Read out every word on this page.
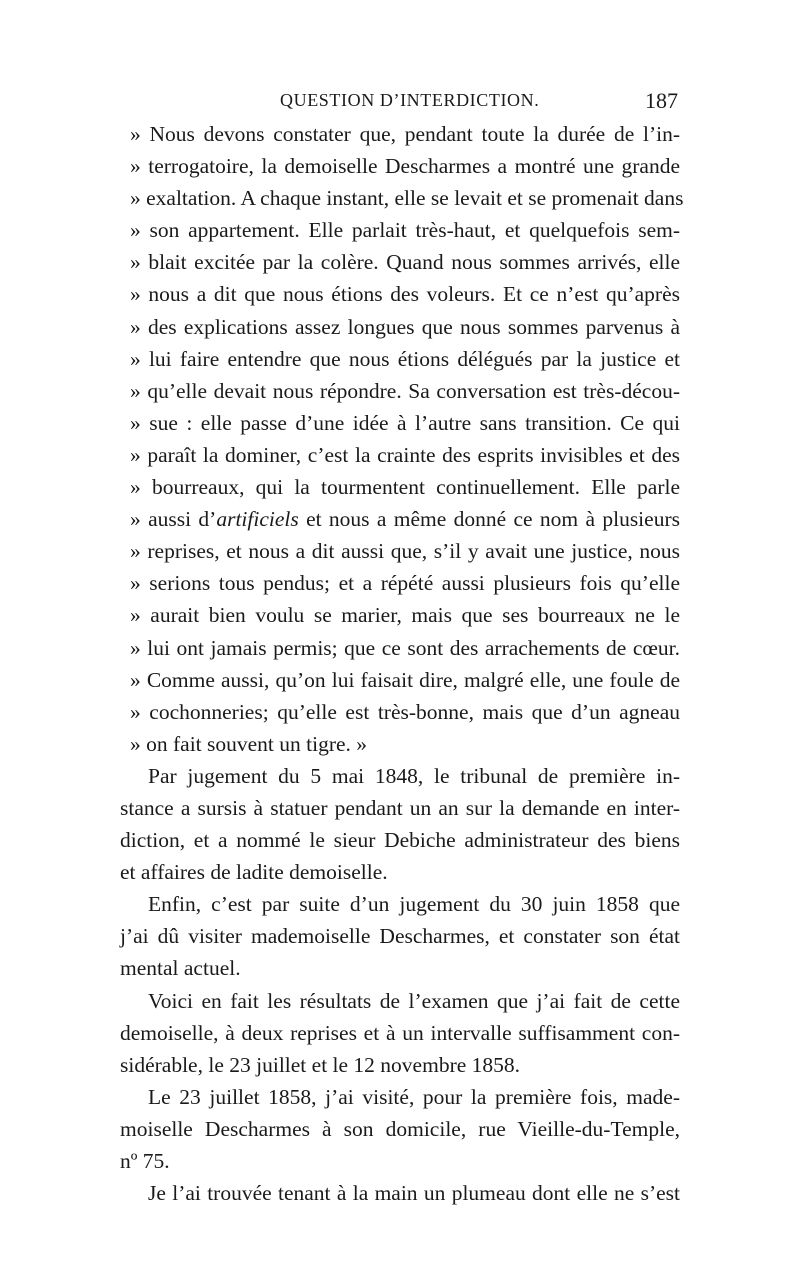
QUESTION D’INTERDICTION.	187
» Nous devons constater que, pendant toute la durée de l’in-
» terrogatoire, la demoiselle Descharmes a montré une grande
» exaltation. A chaque instant, elle se levait et se promenait dans
» son appartement. Elle parlait très-haut, et quelquefois sem-
» blait excitée par la colère. Quand nous sommes arrivés, elle
» nous a dit que nous étions des voleurs. Et ce n’est qu’après
» des explications assez longues que nous sommes parvenus à
» lui faire entendre que nous étions délégués par la justice et
» qu’elle devait nous répondre. Sa conversation est très-décou-
» sue : elle passe d’une idée à l’autre sans transition. Ce qui
» paraît la dominer, c’est la crainte des esprits invisibles et des
» bourreaux, qui la tourmentent continuellement. Elle parle
» aussi d’artificiels et nous a même donné ce nom à plusieurs
» reprises, et nous a dit aussi que, s’il y avait une justice, nous
» serions tous pendus; et a répété aussi plusieurs fois qu’elle
» aurait bien voulu se marier, mais que ses bourreaux ne le
» lui ont jamais permis; que ce sont des arrachements de cœur.
» Comme aussi, qu’on lui faisait dire, malgré elle, une foule de
» cochonneries; qu’elle est très-bonne, mais que d’un agneau
» on fait souvent un tigre. »
Par jugement du 5 mai 1848, le tribunal de première in-
stance a sursis à statuer pendant un an sur la demande en inter-
diction, et a nommé le sieur Debiche administrateur des biens
et affaires de ladite demoiselle.
Enfin, c’est par suite d’un jugement du 30 juin 1858 que
j’ai dû visiter mademoiselle Descharmes, et constater son état
mental actuel.
Voici en fait les résultats de l’examen que j’ai fait de cette
demoiselle, à deux reprises et à un intervalle suffisamment con-
sidérable, le 23 juillet et le 12 novembre 1858.
Le 23 juillet 1858, j’ai visité, pour la première fois, made-
moiselle Descharmes à son domicile, rue Vieille-du-Temple,
nº 75.
Je l’ai trouvée tenant à la main un plumeau dont elle ne s’est
